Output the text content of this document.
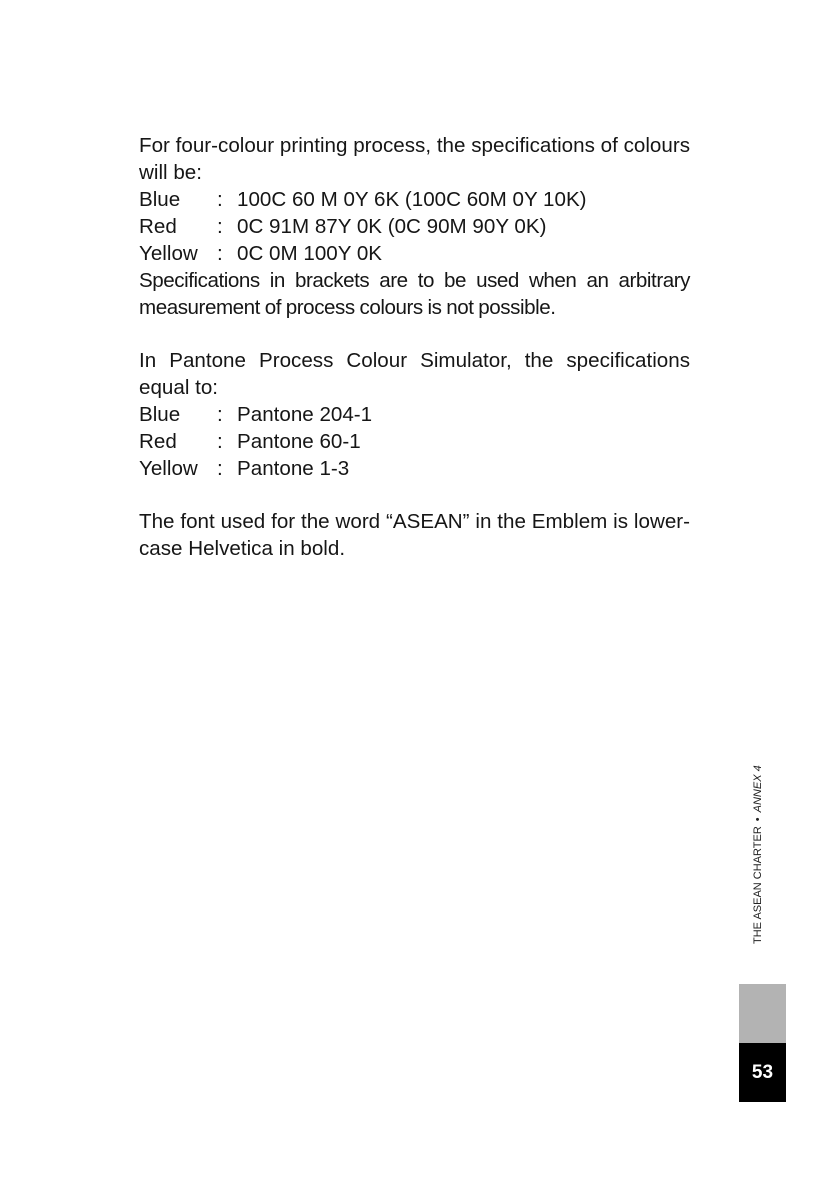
For four-colour printing process, the specifications of colours will be:

Blue	: 100C 60 M 0Y 6K (100C 60M 0Y 10K)
Red	: 0C 91M 87Y 0K (0C 90M 90Y 0K)
Yellow : 0C 0M 100Y 0K

Specifications in brackets are to be used when an arbitrary measurement of process colours is not possible.

In Pantone Process Colour Simulator, the specifications equal to:

Blue	: Pantone 204-1
Red	: Pantone 60-1
Yellow : Pantone 1-3

The font used for the word “ASEAN” in the Emblem is lower-case Helvetica in bold.

THE ASEAN CHARTER•ANNEX 4
53
